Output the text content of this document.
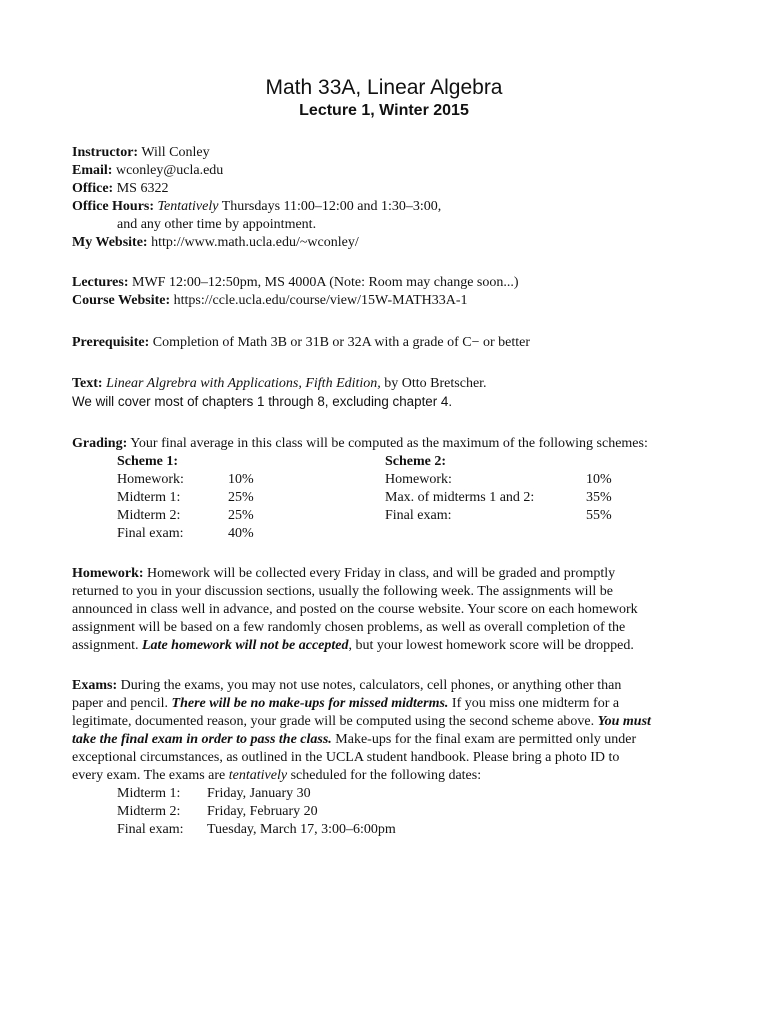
Math 33A, Linear Algebra
Lecture 1, Winter 2015
Instructor: Will Conley
Email: wconley@ucla.edu
Office: MS 6322
Office Hours: Tentatively Thursdays 11:00–12:00 and 1:30–3:00,
and any other time by appointment.
My Website: http://www.math.ucla.edu/~wconley/
Lectures: MWF 12:00–12:50pm, MS 4000A (Note: Room may change soon...)
Course Website: https://ccle.ucla.edu/course/view/15W-MATH33A-1
Prerequisite: Completion of Math 3B or 31B or 32A with a grade of C− or better
Text: Linear Algrebra with Applications, Fifth Edition, by Otto Bretscher.
We will cover most of chapters 1 through 8, excluding chapter 4.
Grading: Your final average in this class will be computed as the maximum of the following schemes:
Scheme 1:
Homework:	10%
Midterm 1:	25%
Midterm 2:	25%
Final exam:	40%
Scheme 2:
Homework:	10%
Max. of midterms 1 and 2:	35%
Final exam:	55%
Homework: Homework will be collected every Friday in class, and will be graded and promptly
returned to you in your discussion sections, usually the following week. The assignments will be
announced in class well in advance, and posted on the course website. Your score on each homework
assignment will be based on a few randomly chosen problems, as well as overall completion of the
assignment. Late homework will not be accepted, but your lowest homework score will be dropped.
Exams: During the exams, you may not use notes, calculators, cell phones, or anything other than
paper and pencil. There will be no make-ups for missed midterms. If you miss one midterm for a
legitimate, documented reason, your grade will be computed using the second scheme above. You must
take the final exam in order to pass the class. Make-ups for the final exam are permitted only under
exceptional circumstances, as outlined in the UCLA student handbook. Please bring a photo ID to
every exam. The exams are tentatively scheduled for the following dates:
Midterm 1: Friday, January 30
Midterm 2: Friday, February 20
Final exam: Tuesday, March 17, 3:00–6:00pm
